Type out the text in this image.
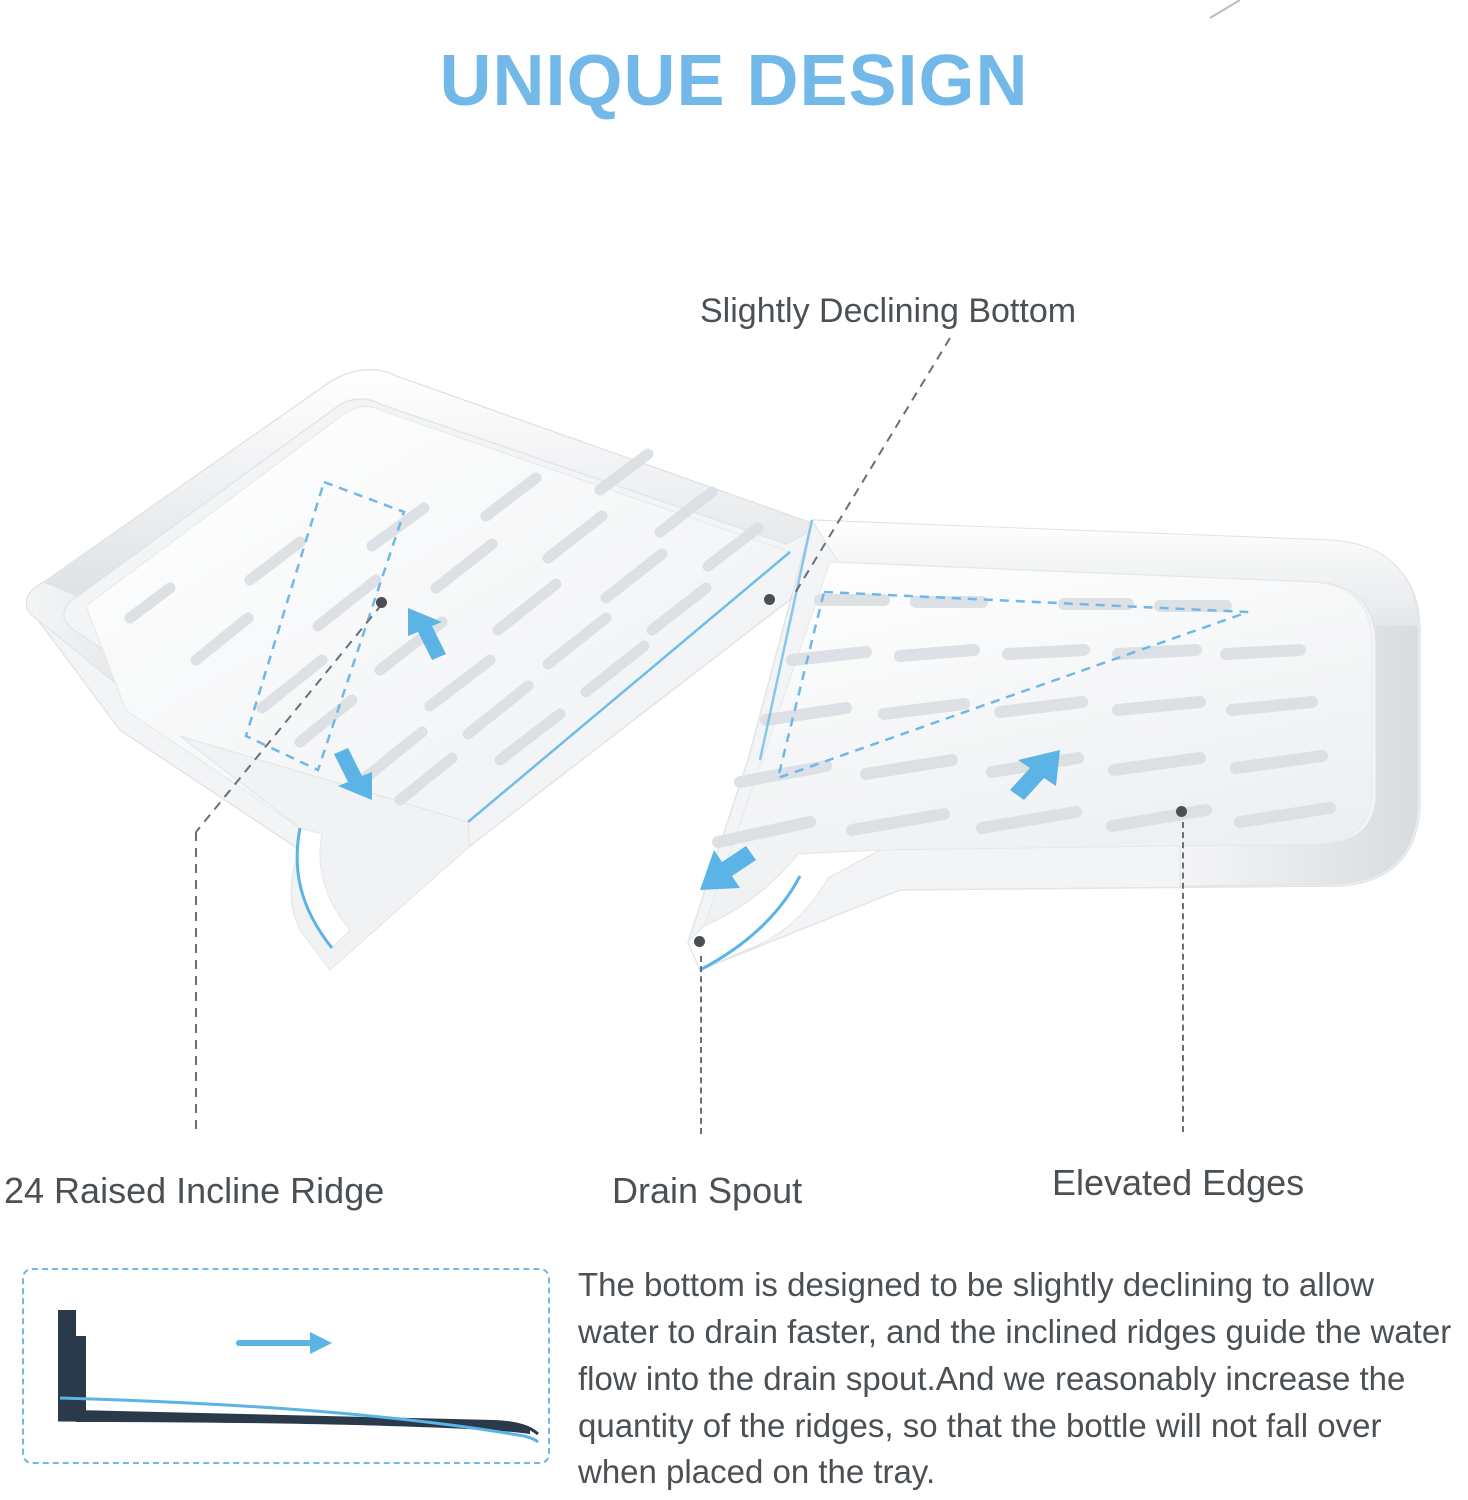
UNIQUE DESIGN
Slightly Declining Bottom
24 Raised Incline Ridge	Drain Spout	Elevated Edges
The bottom is designed to be slightly declining to allow water to drain faster, and the inclined ridges guide the water flow into the drain spout.And we reasonably increase the quantity of the ridges, so that the bottle will not fall over when placed on the tray.
